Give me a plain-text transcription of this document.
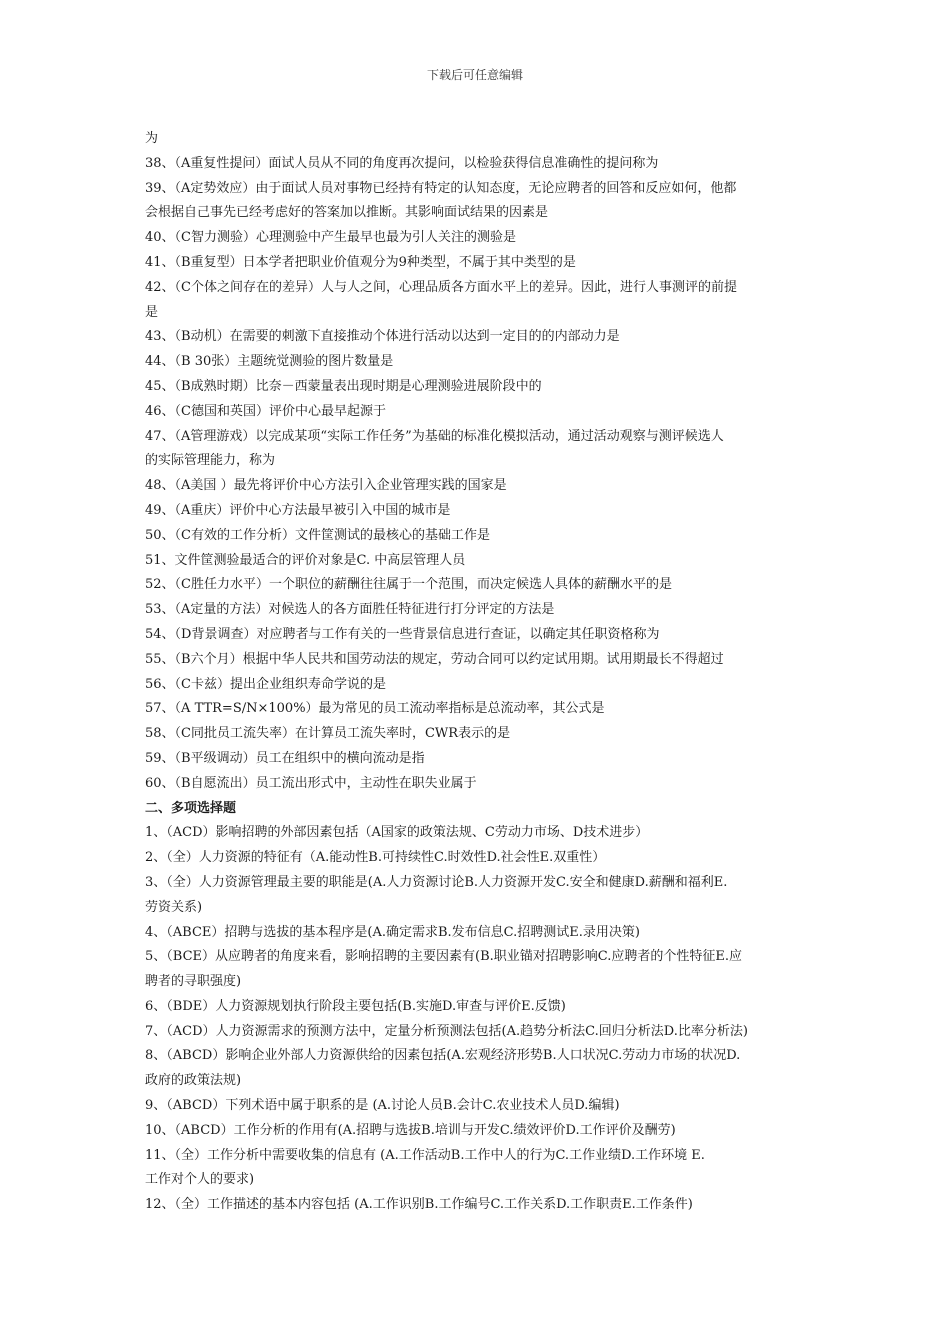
下载后可任意编辑
为
38、（A重复性提问）面试人员从不同的角度再次提问，以检验获得信息准确性的提问称为
39、（A定势效应）由于面试人员对事物已经持有特定的认知态度，无论应聘者的回答和反应如何，他都
会根据自己事先已经考虑好的答案加以推断。其影响面试结果的因素是
40、（C智力测验）心理测验中产生最早也最为引人关注的测验是
41、（B重复型）日本学者把职业价值观分为9种类型，不属于其中类型的是
42、（C个体之间存在的差异）人与人之间，心理品质各方面水平上的差异。因此，进行人事测评的前提
是
43、（B动机）在需要的刺激下直接推动个体进行活动以达到一定目的的内部动力是
44、（B 30张）主题统觉测验的图片数量是
45、（B成熟时期）比奈－西蒙量表出现时期是心理测验进展阶段中的
46、（C德国和英国）评价中心最早起源于
47、（A管理游戏）以完成某项“实际工作任务”为基础的标准化模拟活动，通过活动观察与测评候选人
的实际管理能力，称为
48、（A美国 ）最先将评价中心方法引入企业管理实践的国家是
49、（A重庆）评价中心方法最早被引入中国的城市是
50、（C有效的工作分析）文件筐测试的最核心的基础工作是
51、文件筐测验最适合的评价对象是C. 中高层管理人员
52、（C胜任力水平）一个职位的薪酬往往属于一个范围，而决定候选人具体的薪酬水平的是
53、（A定量的方法）对候选人的各方面胜任特征进行打分评定的方法是
54、（D背景调查）对应聘者与工作有关的一些背景信息进行查证，以确定其任职资格称为
55、（B六个月）根据中华人民共和国劳动法的规定，劳动合同可以约定试用期。试用期最长不得超过
56、（C卡兹）提出企业组织寿命学说的是
57、（A TTR=S/N×100%）最为常见的员工流动率指标是总流动率，其公式是
58、（C同批员工流失率）在计算员工流失率时，CWR表示的是
59、（B平级调动）员工在组织中的横向流动是指
60、（B自愿流出）员工流出形式中，主动性在职失业属于
二、多项选择题
1、（ACD）影响招聘的外部因素包括（A国家的政策法规、C劳动力市场、D技术进步）
2、（全）人力资源的特征有（A.能动性B.可持续性C.时效性D.社会性E.双重性）
3、（全）人力资源管理最主要的职能是(A.人力资源讨论B.人力资源开发C.安全和健康D.薪酬和福利E.
劳资关系)
4、（ABCE）招聘与选拔的基本程序是(A.确定需求B.发布信息C.招聘测试E.录用决策)
5、（BCE）从应聘者的角度来看，影响招聘的主要因素有(B.职业锚对招聘影响C.应聘者的个性特征E.应
聘者的寻职强度)
6、（BDE）人力资源规划执行阶段主要包括(B.实施D.审查与评价E.反馈)
7、（ACD）人力资源需求的预测方法中，定量分析预测法包括(A.趋势分析法C.回归分析法D.比率分析法)
8、（ABCD）影响企业外部人力资源供给的因素包括(A.宏观经济形势B.人口状况C.劳动力市场的状况D.
政府的政策法规)
9、（ABCD）下列术语中属于职系的是 (A.讨论人员B.会计C.农业技术人员D.编辑)
10、（ABCD）工作分析的作用有(A.招聘与选拔B.培训与开发C.绩效评价D.工作评价及酬劳)
11、（全）工作分析中需要收集的信息有 (A.工作活动B.工作中人的行为C.工作业绩D.工作环境 E.
工作对个人的要求)
12、（全）工作描述的基本内容包括 (A.工作识别B.工作编号C.工作关系D.工作职责E.工作条件)
